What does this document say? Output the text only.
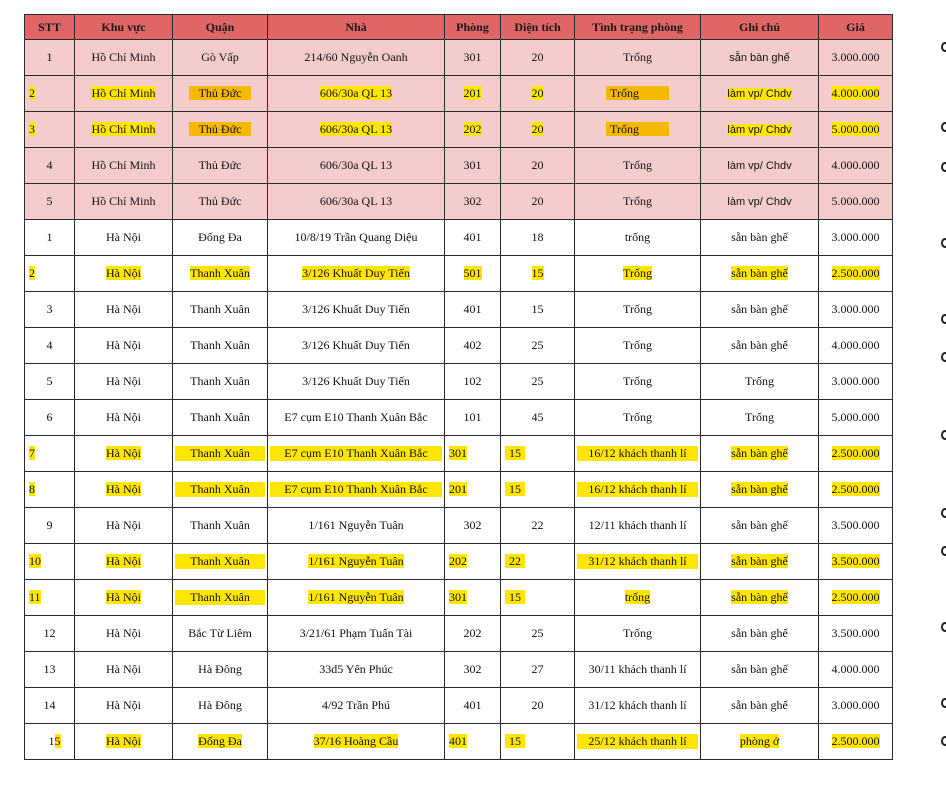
STT	Khu vực	Quận	Nhà	Phòng	Diện tích	Tình trạng phòng	Ghi chú	Giá
1	Hồ Chí Minh	Gò Vấp	214/60 Nguyễn Oanh	301	20	Trống	sẵn bàn ghế	3.000.000
2	Hồ Chí Minh	Thủ Đức	606/30a QL 13	201	20	Trống	làm vp/ Chdv	4.000.000
3	Hồ Chí Minh	Thủ Đức	606/30a QL 13	202	20	Trống	làm vp/ Chdv	5.000.000
4	Hồ Chí Minh	Thủ Đức	606/30a QL 13	301	20	Trống	làm vp/ Chdv	4.000.000
5	Hồ Chí Minh	Thủ Đức	606/30a QL 13	302	20	Trống	làm vp/ Chdv	5.000.000
1	Hà Nội	Đống Đa	10/8/19 Trần Quang Diệu	401	18	trống	sẵn bàn ghế	3.000.000
2	Hà Nội	Thanh Xuân	3/126 Khuất Duy Tiến	501	15	Trống	sẵn bàn ghế	2.500.000
3	Hà Nội	Thanh Xuân	3/126 Khuất Duy Tiến	401	15	Trống	sẵn bàn ghế	3.000.000
4	Hà Nội	Thanh Xuân	3/126 Khuất Duy Tiến	402	25	Trống	sẵn bàn ghế	4.000.000
5	Hà Nội	Thanh Xuân	3/126 Khuất Duy Tiến	102	25	Trống	Trống	3.000.000
6	Hà Nội	Thanh Xuân	E7 cụm E10 Thanh Xuân Bắc	101	45	Trống	Trống	5.000.000
7	Hà Nội	Thanh Xuân	E7 cụm E10 Thanh Xuân Bắc	301	15	16/12 khách thanh lí	sẵn bàn ghế	2.500.000
8	Hà Nội	Thanh Xuân	E7 cụm E10 Thanh Xuân Bắc	201	15	16/12 khách thanh lí	sẵn bàn ghế	2.500.000
9	Hà Nội	Thanh Xuân	1/161 Nguyễn Tuân	302	22	12/11 khách thanh lí	sẵn bàn ghế	3.500.000
10	Hà Nội	Thanh Xuân	1/161 Nguyễn Tuân	202	22	31/12 khách thanh lí	sẵn bàn ghế	3.500.000
11	Hà Nội	Thanh Xuân	1/161 Nguyễn Tuân	301	15	trống	sẵn bàn ghế	2.500.000
12	Hà Nội	Bắc Từ Liêm	3/21/61 Phạm Tuấn Tài	202	25	Trống	sẵn bàn ghế	3.500.000
13	Hà Nội	Hà Đông	33d5 Yên Phúc	302	27	30/11 khách thanh lí	sẵn bàn ghế	4.000.000
14	Hà Nội	Hà Đông	4/92 Trần Phú	401	20	31/12 khách thanh lí	sẵn bàn ghế	3.000.000
15	Hà Nội	Đống Đa	37/16 Hoàng Cầu	401	15	25/12 khách thanh lí	phòng ở	2.500.000
